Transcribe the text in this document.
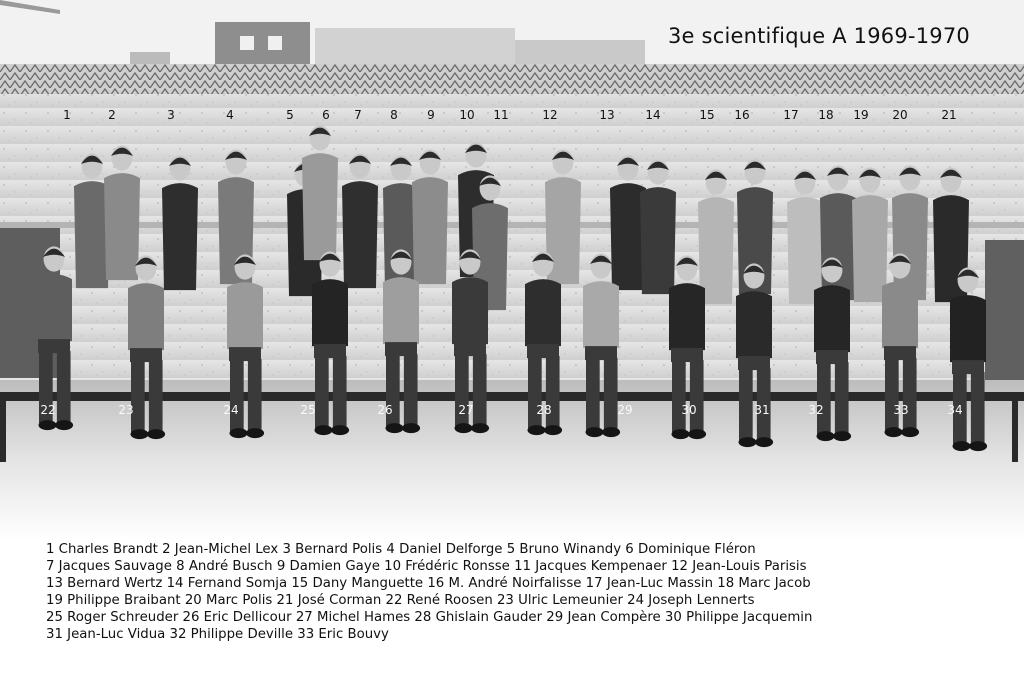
3e scientifique A 1969-1970
1	2	3	4	5 6 7 8 9 10 11	12	13	14	15 16	17 18 19 20	21
22	23	24	25	26	27	28	29	30	31	32	33	34
1 Charles Brandt 2 Jean-Michel Lex 3 Bernard Polis 4 Daniel Delforge 5 Bruno Winandy 6 Dominique Fléron
7 Jacques Sauvage 8 André Busch 9 Damien Gaye 10 Frédéric Ronsse 11 Jacques Kempenaer 12 Jean-Louis Parisis
13 Bernard Wertz 14 Fernand Somja 15 Dany Manguette 16 M. André Noirfalisse 17 Jean-Luc Massin 18 Marc Jacob
19 Philippe Braibant 20 Marc Polis 21 José Corman 22 René Roosen 23 Ulric Lemeunier 24 Joseph Lennerts
25 Roger Schreuder 26 Eric Dellicour 27 Michel Hames 28 Ghislain Gauder 29 Jean Compère 30 Philippe Jacquemin
31 Jean-Luc Vidua 32 Philippe Deville 33 Eric Bouvy
